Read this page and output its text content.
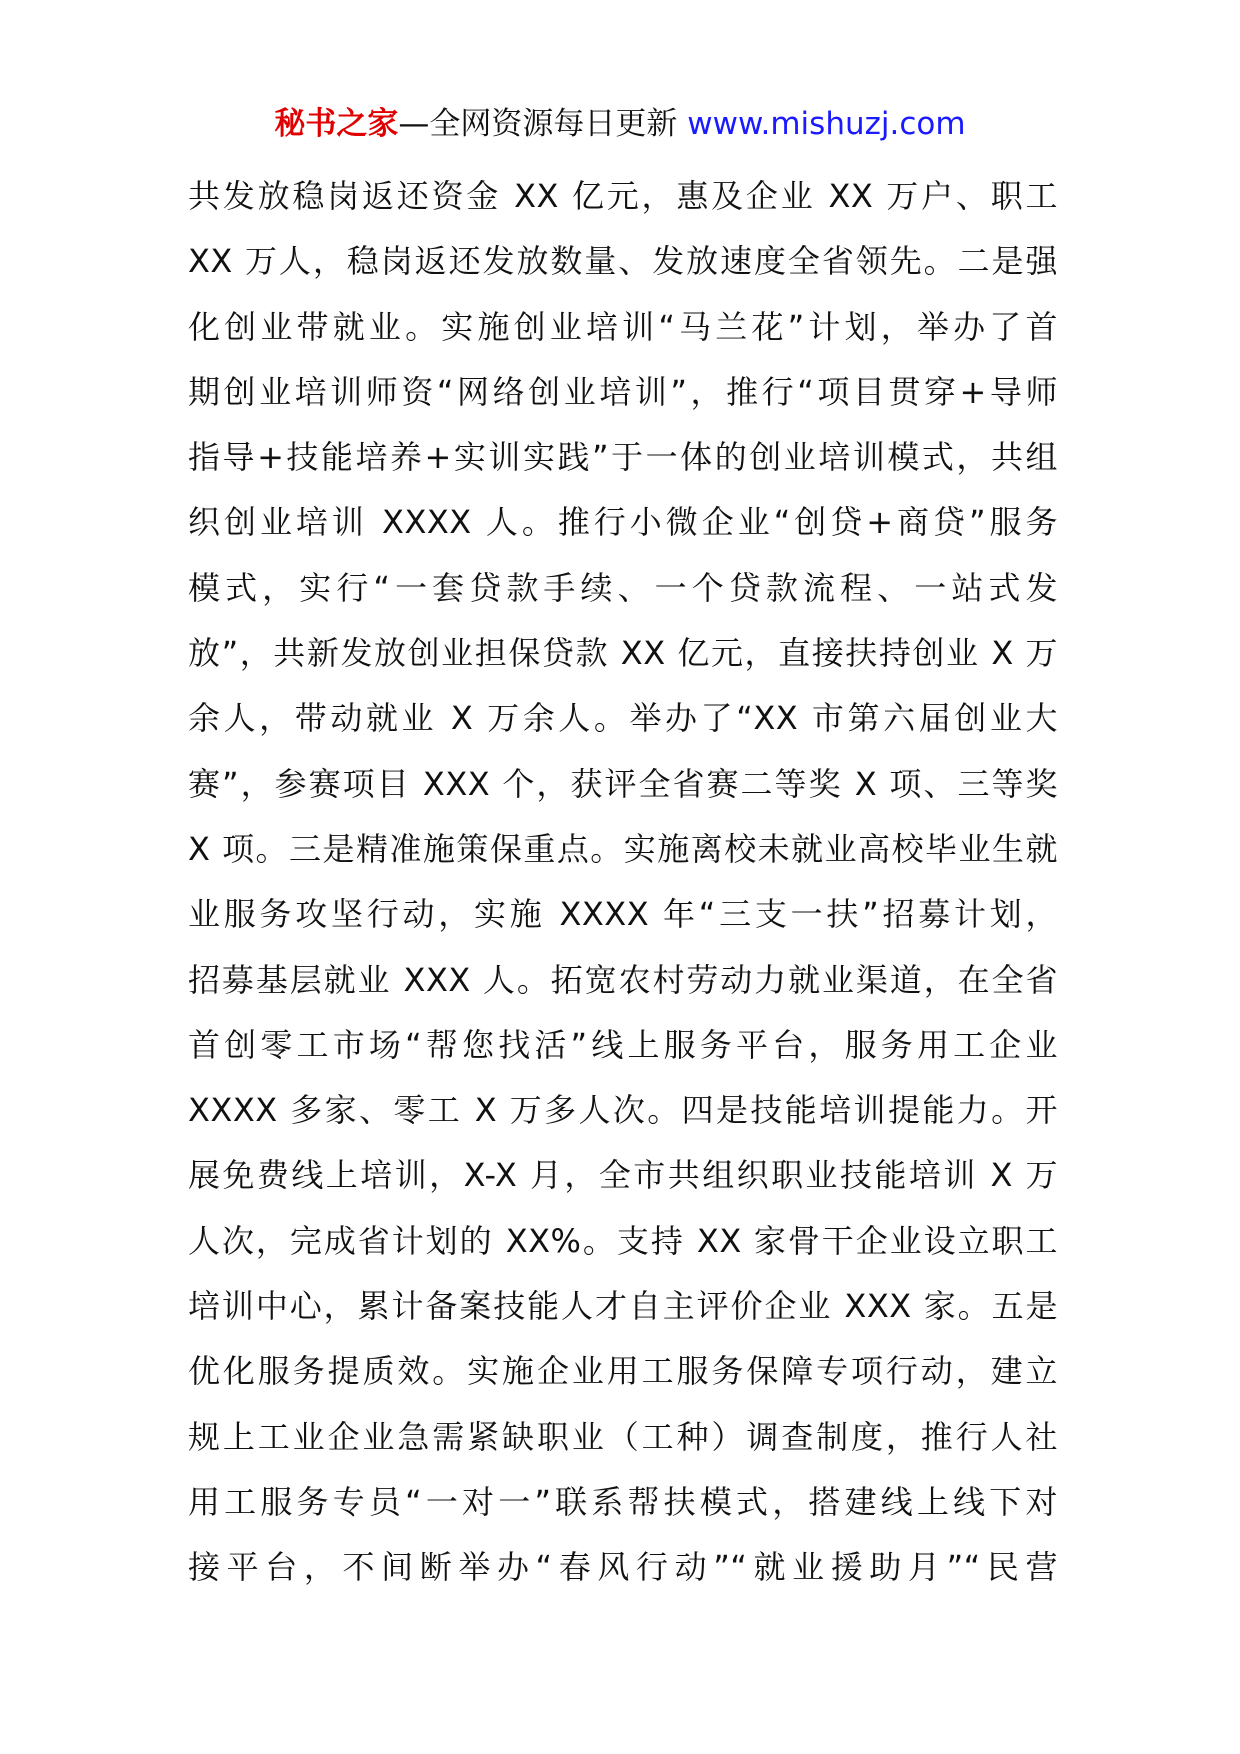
秘书之家—全网资源每日更新 www.mishuzj.com
共发放稳岗返还资金 XX 亿元，惠及企业 XX 万户、职工
XX 万人，稳岗返还发放数量、发放速度全省领先。二是强
化创业带就业。实施创业培训“马兰花”计划，举办了首
期创业培训师资“网络创业培训”，推行“项目贯穿+导师
指导+技能培养+实训实践”于一体的创业培训模式，共组
织创业培训 XXXX 人。推行小微企业“创贷+商贷”服务
模式，实行“一套贷款手续、一个贷款流程、一站式发
放”，共新发放创业担保贷款 XX 亿元，直接扶持创业 X 万
余人，带动就业 X 万余人。举办了“XX 市第六届创业大
赛”，参赛项目 XXX 个，获评全省赛二等奖 X 项、三等奖
X 项。三是精准施策保重点。实施离校未就业高校毕业生就
业服务攻坚行动，实施 XXXX 年“三支一扶”招募计划，
招募基层就业 XXX 人。拓宽农村劳动力就业渠道，在全省
首创零工市场“帮您找活”线上服务平台，服务用工企业
XXXX 多家、零工 X 万多人次。四是技能培训提能力。开
展免费线上培训，X-X 月，全市共组织职业技能培训 X 万
人次，完成省计划的 XX%。支持 XX 家骨干企业设立职工
培训中心，累计备案技能人才自主评价企业 XXX 家。五是
优化服务提质效。实施企业用工服务保障专项行动，建立
规上工业企业急需紧缺职业（工种）调查制度，推行人社
用工服务专员“一对一”联系帮扶模式，搭建线上线下对
接平台，不间断举办“春风行动”“就业援助月”“民营
